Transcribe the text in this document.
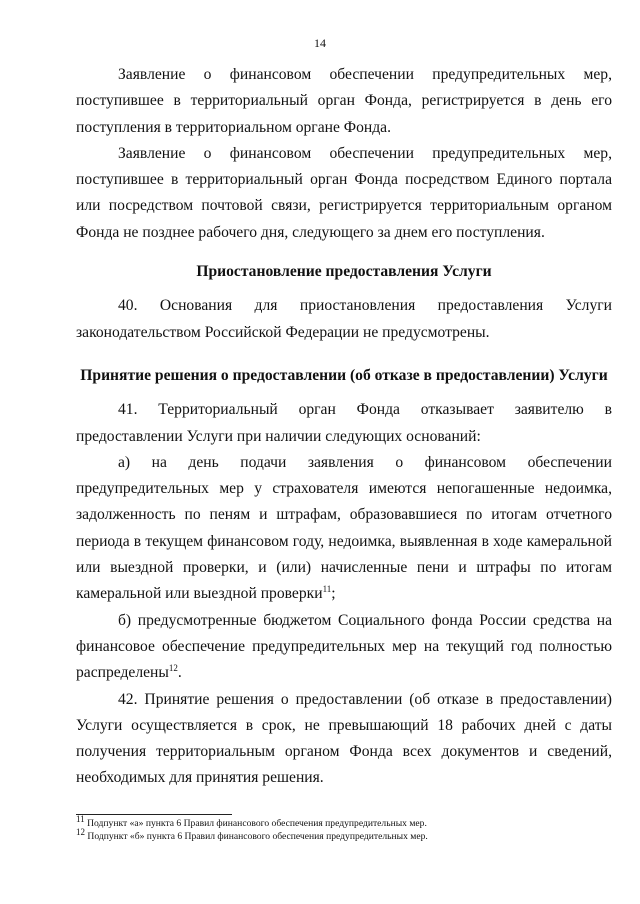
14

Заявление о финансовом обеспечении предупредительных мер, поступившее в территориальный орган Фонда, регистрируется в день его поступления в территориальном органе Фонда.

Заявление о финансовом обеспечении предупредительных мер, поступившее в территориальный орган Фонда посредством Единого портала или посредством почтовой связи, регистрируется территориальным органом Фонда не позднее рабочего дня, следующего за днем его поступления.

Приостановление предоставления Услуги

40. Основания для приостановления предоставления Услуги законодательством Российской Федерации не предусмотрены.

Принятие решения о предоставлении (об отказе в предоставлении) Услуги

41. Территориальный орган Фонда отказывает заявителю в предоставлении Услуги при наличии следующих оснований:

а) на день подачи заявления о финансовом обеспечении предупредительных мер у страхователя имеются непогашенные недоимка, задолженность по пеням и штрафам, образовавшиеся по итогам отчетного периода в текущем финансовом году, недоимка, выявленная в ходе камеральной или выездной проверки, и (или) начисленные пени и штрафы по итогам камеральной или выездной проверки$^{11}$;

б) предусмотренные бюджетом Социального фонда России средства на финансовое обеспечение предупредительных мер на текущий год полностью распределены$^{12}$.

42. Принятие решения о предоставлении (об отказе в предоставлении) Услуги осуществляется в срок, не превышающий 18 рабочих дней с даты получения территориальным органом Фонда всех документов и сведений, необходимых для принятия решения.

$^{11}$ Подпункт «а» пункта 6 Правил финансового обеспечения предупредительных мер.

$^{12}$ Подпункт «б» пункта 6 Правил финансового обеспечения предупредительных мер.
